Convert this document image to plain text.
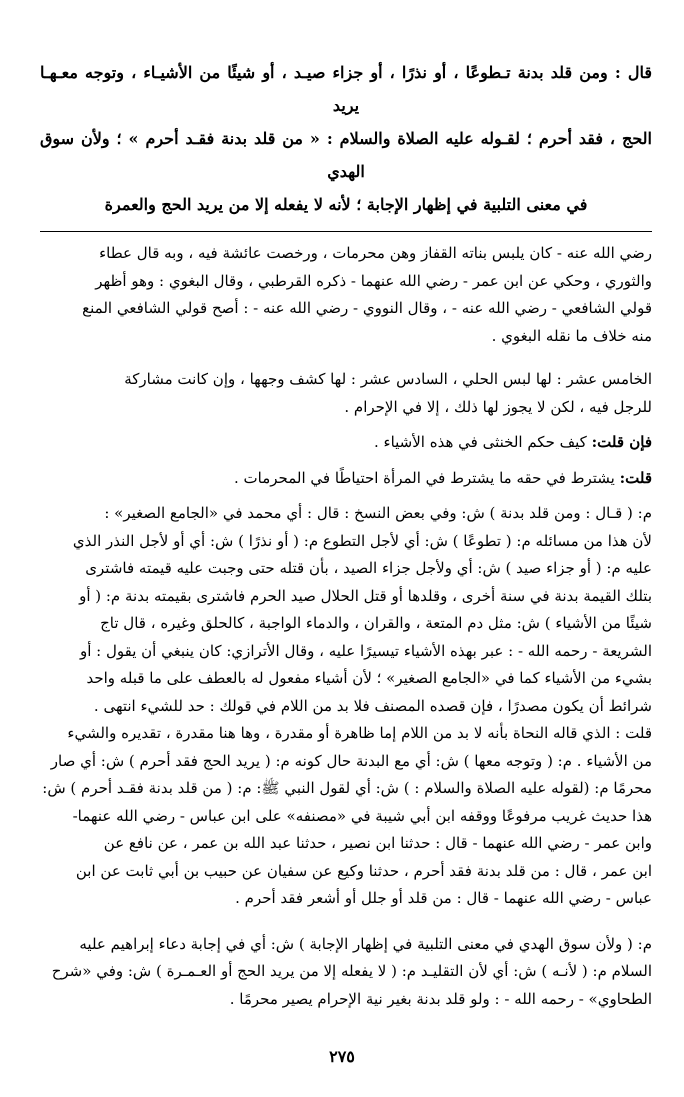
قال : ومن قلد بدنة تـطوعًا ، أو نذرًا ، أو جزاء صيـد ، أو شيئًا من الأشيـاء ، وتوجه معـهـا يريد

الحج ، فقد أحرم ؛ لقـوله عليه الصلاة والسلام : « من قلد بدنة فقـد أحرم » ؛ ولأن سوق الهدي

في معنى التلبية في إظهار الإجابة ؛ لأنه لا يفعله إلا من يريد الحج والعمرة

رضي الله عنه - كان يلبس بناته القفاز وهن محرمات ، ورخصت عائشة فيه ، وبه قال عطاء

والثوري ، وحكي عن ابن عمر - رضي الله عنهما - ذكره القرطبي ، وقال البغوي : وهو أظهر

قولي الشافعي - رضي الله عنه - ، وقال النووي - رضي الله عنه - : أصح قولي الشافعي المنع

منه خلاف ما نقله البغوي .

الخامس عشر : لها لبس الحلي ، السادس عشر : لها كشف وجهها ، وإن كانت مشاركة

للرجل فيه ، لكن لا يجوز لها ذلك ، إلا في الإحرام .

فإن قلت: كيف حكم الخنثى في هذه الأشياء .

قلت: يشترط في حقه ما يشترط في المرأة احتياطًا في المحرمات .

م: ( قـال : ومن قلد بدنة ) ش: وفي بعض النسخ : قال : أي محمد في «الجامع الصغير» :

لأن هذا من مسائله م: ( تطوعًا ) ش: أي لأجل التطوع م: ( أو نذرًا ) ش: أي أو لأجل النذر الذي

عليه م: ( أو جزاء صيد ) ش: أي ولأجل جزاء الصيد ، بأن قتله حتى وجبت عليه قيمته فاشترى

بتلك القيمة بدنة في سنة أخرى ، وقلدها أو قتل الحلال صيد الحرم فاشترى بقيمته بدنة م: ( أو

شيئًا من الأشياء ) ش: مثل دم المتعة ، والقران ، والدماء الواجبة ، كالحلق وغيره ، قال تاج

الشريعة - رحمه الله - : عبر بهذه الأشياء تيسيرًا عليه ، وقال الأترازي: كان ينبغي أن يقول : أو

بشيء من الأشياء كما في «الجامع الصغير» ؛ لأن أشياء مفعول له بالعطف على ما قبله واحد

شرائط أن يكون مصدرًا ، فإن قصده المصنف فلا بد من اللام في قولك : حد للشيء انتهى .

قلت : الذي قاله النحاة بأنه لا بد من اللام إما ظاهرة أو مقدرة ، وها هنا مقدرة ، تقديره والشيء

من الأشياء . م: ( وتوجه معها ) ش: أي مع البدنة حال كونه م: ( يريد الحج فقد أحرم ) ش: أي صار

محرمًا م: (لقوله عليه الصلاة والسلام : ) ش: أي لقول النبي ﷺ: م: ( من قلد بدنة فقـد أحرم ) ش:

هذا حديث غريب مرفوعًا ووقفه ابن أبي شيبة في «مصنفه» على ابن عباس - رضي الله عنهما-

وابن عمر - رضي الله عنهما - قال : حدثنا ابن نصير ، حدثنا عبد الله بن عمر ، عن نافع عن

ابن عمر ، قال : من قلد بدنة فقد أحرم ، حدثنا وكيع عن سفيان عن حبيب بن أبي ثابت عن ابن

عباس - رضي الله عنهما - قال : من قلد أو جلل أو أشعر فقد أحرم .

م: ( ولأن سوق الهدي في معنى التلبية في إظهار الإجابة ) ش: أي في إجابة دعاء إبراهيم عليه

السلام م: ( لأنـه ) ش: أي لأن التقليـد م: ( لا يفعله إلا من يريد الحج أو العـمـرة ) ش: وفي «شرح

الطحاوي» - رحمه الله - : ولو قلد بدنة بغير نية الإحرام يصير محرمًا .

٢٧٥
